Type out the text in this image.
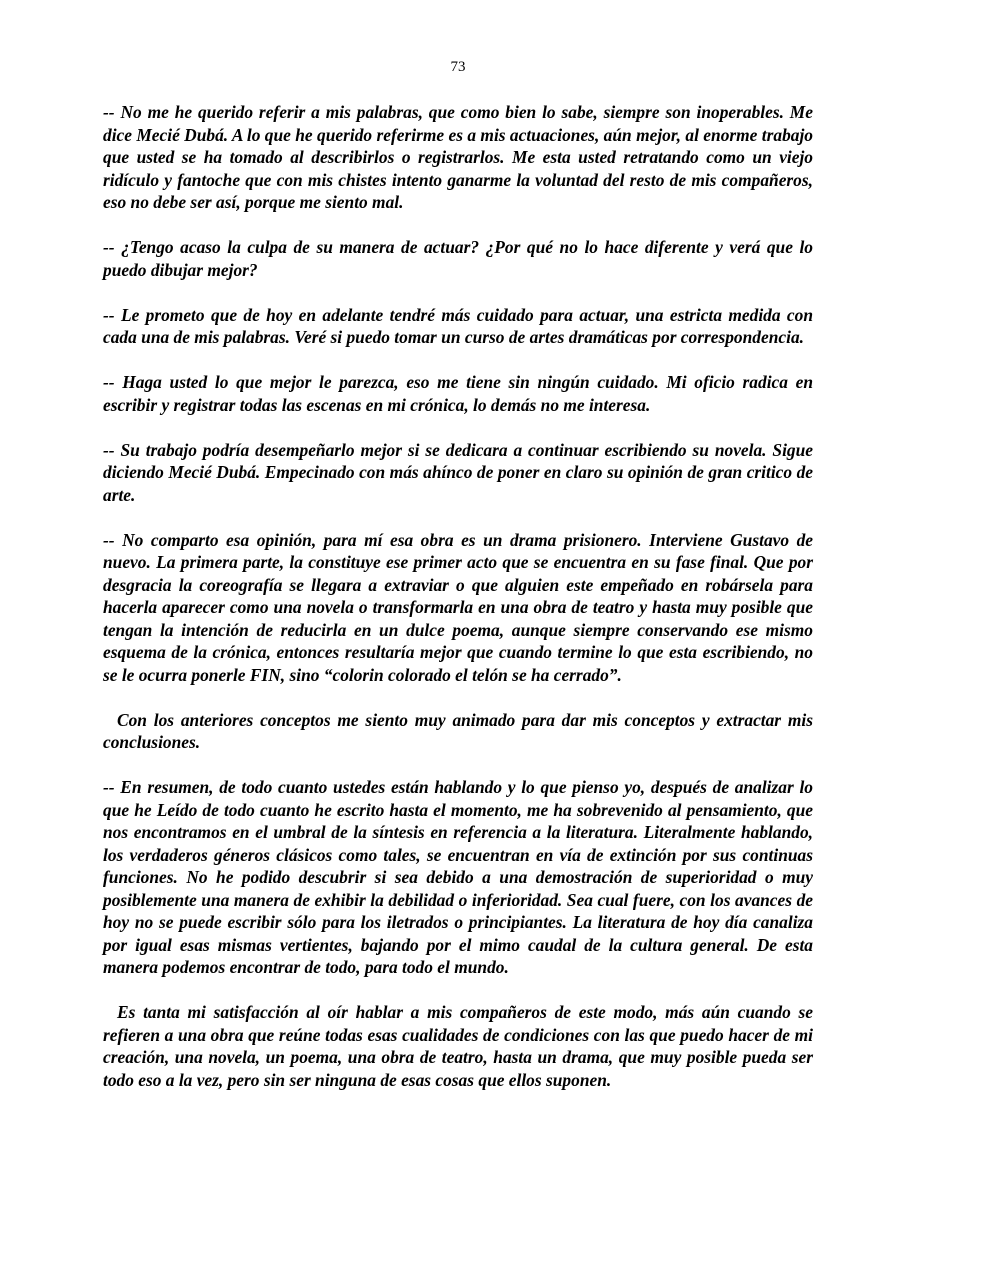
73

-- No me he querido referir a mis palabras, que como bien lo sabe, siempre son inoperables. Me dice Mecié Dubá. A lo que he querido referirme es a mis actuaciones, aún mejor, al enorme trabajo que usted se ha tomado al describirlos o registrarlos. Me esta usted retratando como un viejo ridículo y fantoche que con mis chistes intento ganarme la voluntad del resto de mis compañeros, eso no debe ser así, porque me siento mal.

-- ¿Tengo acaso la culpa de su manera de actuar? ¿Por qué no lo hace diferente y verá que lo puedo dibujar mejor?

-- Le prometo que de hoy en adelante tendré más cuidado para actuar, una estricta medida con cada una de mis palabras. Veré si puedo tomar un curso de artes dramáticas por correspondencia.

-- Haga usted lo que mejor le parezca, eso me tiene sin ningún cuidado. Mi oficio radica en escribir y registrar todas las escenas en mi crónica, lo demás no me interesa.

-- Su trabajo podría desempeñarlo mejor si se dedicara a continuar escribiendo su novela. Sigue diciendo Mecié Dubá. Empecinado con más ahínco de poner en claro su opinión de gran critico de arte.

-- No comparto esa opinión, para mí esa obra es un drama prisionero. Interviene Gustavo de nuevo. La primera parte, la constituye ese primer acto que se encuentra en su fase final. Que por desgracia la coreografía se llegara a extraviar o que alguien este empeñado en robársela para hacerla aparecer como una novela o transformarla en una obra de teatro y hasta muy posible que tengan la intención de reducirla en un dulce poema, aunque siempre conservando ese mismo esquema de la crónica, entonces resultaría mejor que cuando termine lo que esta escribiendo, no se le ocurra ponerle FIN, sino “colorin colorado el telón se ha cerrado”.

Con los anteriores conceptos me siento muy animado para dar mis conceptos y extractar mis conclusiones.

-- En resumen, de todo cuanto ustedes están hablando y lo que pienso yo, después de analizar lo que he Leído de todo cuanto he escrito hasta el momento, me ha sobrevenido al pensamiento, que nos encontramos en el umbral de la síntesis en referencia a la literatura. Literalmente hablando, los verdaderos géneros clásicos como tales, se encuentran en vía de extinción por sus continuas funciones. No he podido descubrir si sea debido a una demostración de superioridad o muy posiblemente una manera de exhibir la debilidad o inferioridad. Sea cual fuere, con los avances de hoy no se puede escribir sólo para los iletrados o principiantes. La literatura de hoy día canaliza por igual esas mismas vertientes, bajando por el mimo caudal de la cultura general. De esta manera podemos encontrar de todo, para todo el mundo.

Es tanta mi satisfacción al oír hablar a mis compañeros de este modo, más aún cuando se refieren a una obra que reúne todas esas cualidades de condiciones con las que puedo hacer de mi creación, una novela, un poema, una obra de teatro, hasta un drama, que muy posible pueda ser todo eso a la vez, pero sin ser ninguna de esas cosas que ellos suponen.
